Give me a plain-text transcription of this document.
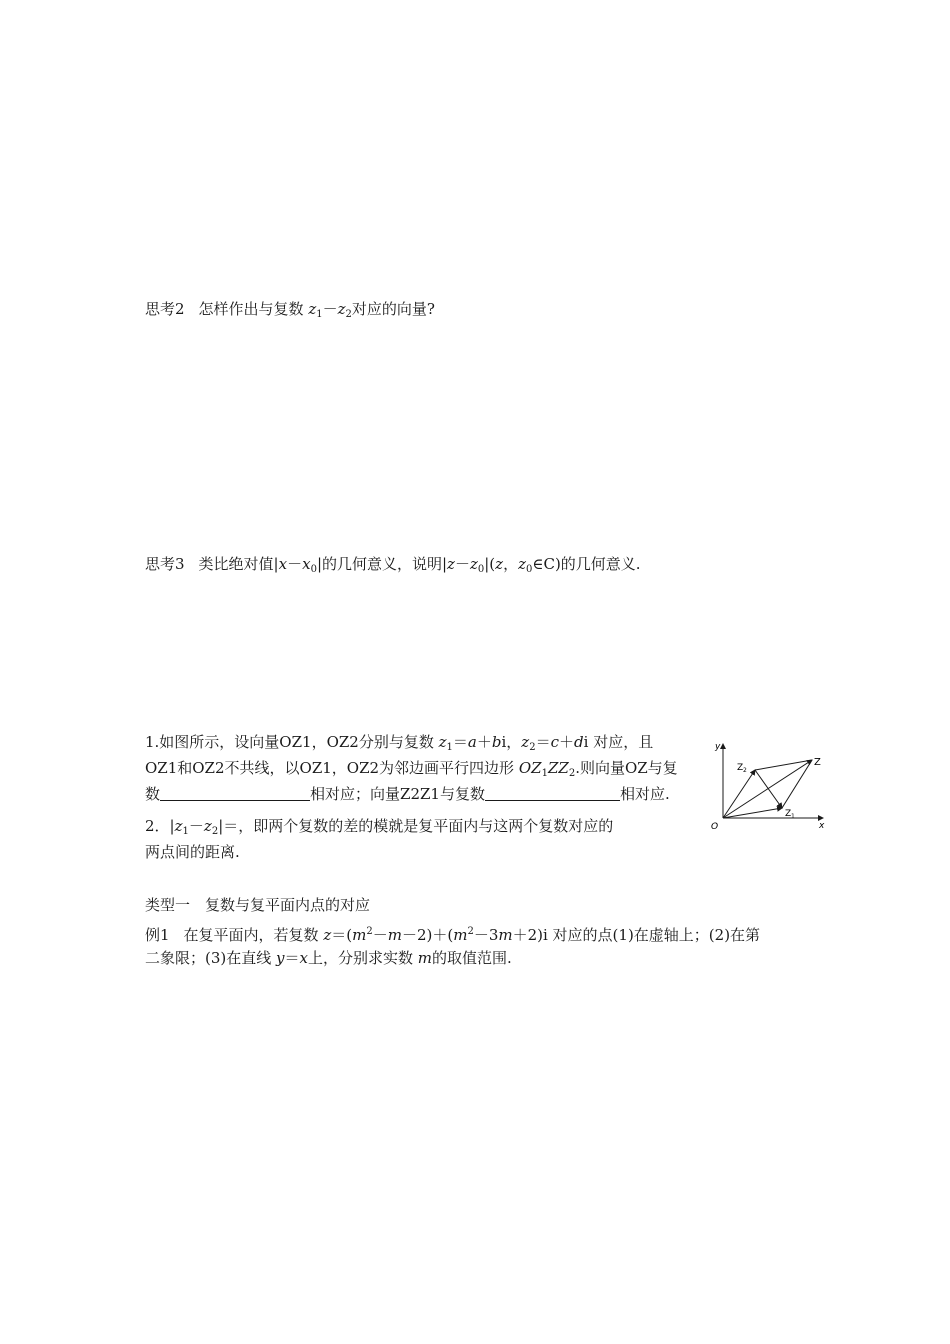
思考2 怎样作出与复数 $z_1-z_2$对应的向量?
思考3 类比绝对值$|x-x_0|$的几何意义，说明$|z-z_0|(z$，$z_0\in C$)的几何意义.
1.如图所示，设向量OZ1，OZ2分别与复数 $z_1=a+bi$，$z_2=c+di$ 对应，且
OZ1和OZ2不共线，以OZ1，OZ2为邻边画平行四边形 $OZ_1ZZ_2$.则向量OZ与复
数	相对应；向量Z2Z1与复数	相对应.
2．$|z_1-z_2|=$，即两个复数的差的模就是复平面内与这两个复数对应的
两点间的距离.
y
x
O
Z
Z 1
Z 2
类型一　复数与复平面内点的对应
例1 在复平面内，若复数 $z=(m^2-m-2)+(m^2-3m+2)i$ 对应的点(1)在虚轴上；(2)在第
二象限；(3)在直线 y＝x上，分别求实数 m的取值范围.
